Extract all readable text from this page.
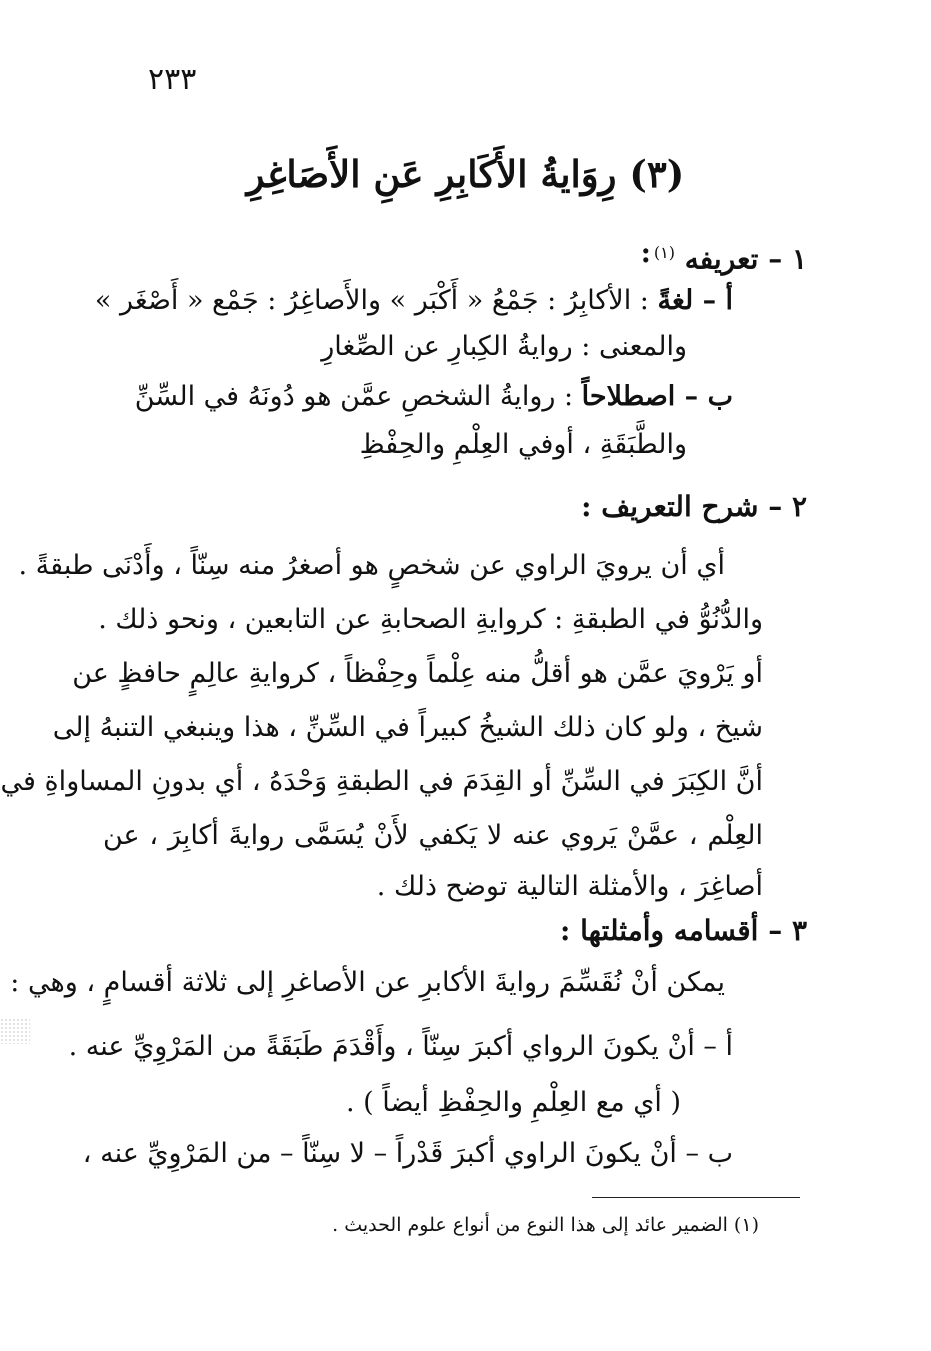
٢٣٣
(٣) رِوَايةُ الأَكَابِرِ عَنِ الأَصَاغِرِ
١ – تعريفه $^{(١)}$
:
أ – لغةً : الأكابِرُ : جَمْعُ « أَكْبَر » والأَصاغِرُ : جَمْع « أَصْغَر »
والمعنى : روايةُ الكِبارِ عن الصِّغارِ
ب – اصطلاحاً : روايةُ الشخصِ عمَّن هو دُونَهُ في السِّنِّ
والطَّبَقَةِ ، أوفي العِلْمِ والحِفْظِ
٢ – شرح التعريف :
أي أن يرويَ الراوي عن شخصٍ هو أصغرُ منه سِنّاً ، وأَدْنَى طبقةً .
والدُّنُوُّ في الطبقةِ : كروايةِ الصحابةِ عن التابعين ، ونحو ذلك .
أو يَرْويَ عمَّن هو أقلُّ منه عِلْماً وحِفْظاً ، كروايةِ عالِمٍ حافظٍ عن
شيخ ، ولو كان ذلك الشيخُ كبيراً في السِّنِّ ، هذا وينبغي التنبهُ إلى
أنَّ الكِبَرَ في السِّنِّ أو القِدَمَ في الطبقةِ وَحْدَهُ ، أي بدونِ المساواةِ في
العِلْم ، عمَّنْ يَروي عنه لا يَكفي لأَنْ يُسَمَّى روايةَ أكابِرَ ، عن
أصاغِرَ ، والأمثلة التالية توضح ذلك .
٣ – أقسامه وأمثلتها :
يمكن أنْ نُقَسِّمَ روايةَ الأكابرِ عن الأصاغرِ إلى ثلاثة أقسامٍ ، وهي :
أ – أنْ يكونَ الرواي أكبرَ سِنّاً ، وأَقْدَمَ طَبَقَةً من المَرْوِيِّ عنه .
( أي مع العِلْمِ والحِفْظِ أيضاً ) .
ب – أنْ يكونَ الراوي أكبرَ قَدْراً – لا سِنّاً – من المَرْوِيِّ عنه ،
(١) الضمير عائد إلى هذا النوع من أنواع علوم الحديث .
